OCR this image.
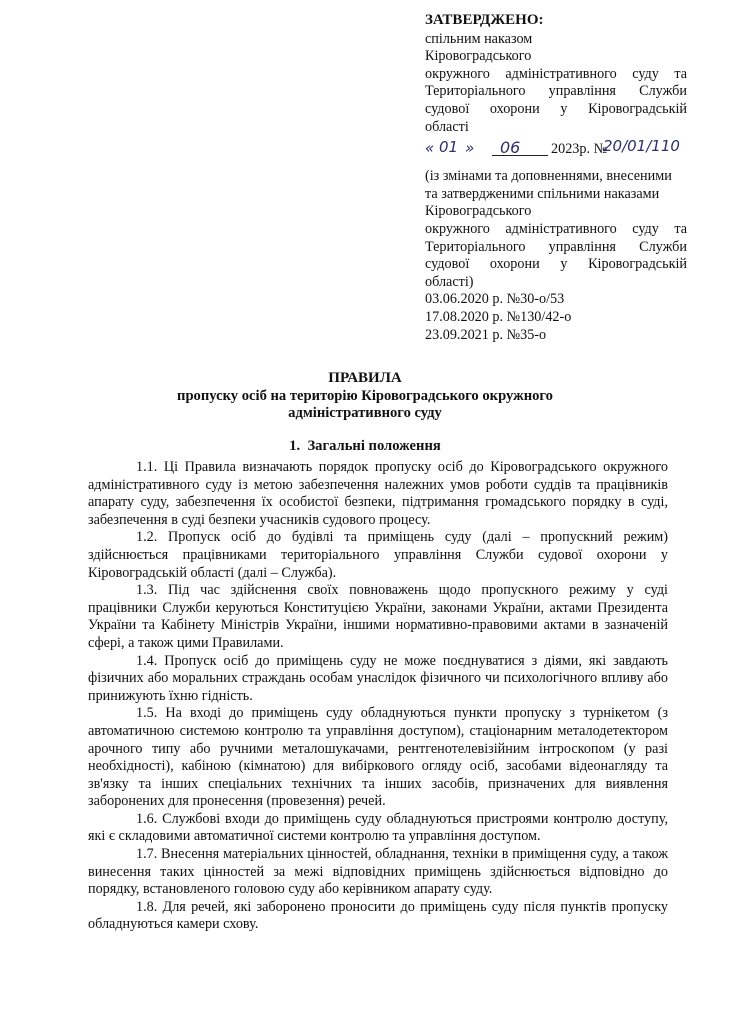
ЗАТВЕРДЖЕНО:
спільним наказом
Кіровоградського
окружного адміністративного суду та
Територіального управління Служби
судової охорони у Кіровоградській
області
« 01 » 06 2023р. №
20/01/110
(із змінами та доповненнями, внесеними
та затвердженими спільними наказами
Кіровоградського
окружного адміністративного суду та
Територіального управління Служби
судової охорони у Кіровоградській
області)
03.06.2020 р. №30-о/53
17.08.2020 р. №130/42-о
23.09.2021 р. №35-о
ПРАВИЛА
пропуску осіб на територію Кіровоградського окружного
адміністративного суду
1. Загальні положення

1.1. Ці Правила визначають порядок пропуску осіб до Кіровоградського окружного адміністративного суду із метою забезпечення належних умов роботи суддів та працівників апарату суду, забезпечення їх особистої безпеки, підтримання громадського порядку в суді, забезпечення в суді безпеки учасників судового процесу.

1.2. Пропуск осіб до будівлі та приміщень суду (далі – пропускний режим) здійснюється працівниками територіального управління Служби судової охорони у Кіровоградській області (далі – Служба).

1.3. Під час здійснення своїх повноважень щодо пропускного режиму у суді працівники Служби керуються Конституцією України, законами України, актами Президента України та Кабінету Міністрів України, іншими нормативно-правовими актами в зазначеній сфері, а також цими Правилами.

1.4. Пропуск осіб до приміщень суду не може поєднуватися з діями, які завдають фізичних або моральних страждань особам унаслідок фізичного чи психологічного впливу або принижують їхню гідність.

1.5. На вході до приміщень суду обладнуються пункти пропуску з турнікетом (з автоматичною системою контролю та управління доступом), стаціонарним металодетектором арочного типу або ручними металошукачами, рентгенотелевізійним інтроскопом (у разі необхідності), кабіною (кімнатою) для вибіркового огляду осіб, засобами відеонагляду та зв'язку та інших спеціальних технічних та інших засобів, призначених для виявлення заборонених для пронесення (провезення) речей.

1.6. Службові входи до приміщень суду обладнуються пристроями контролю доступу, які є складовими автоматичної системи контролю та управління доступом.

1.7. Внесення матеріальних цінностей, обладнання, техніки в приміщення суду, а також винесення таких цінностей за межі відповідних приміщень здійснюється відповідно до порядку, встановленого головою суду або керівником апарату суду.

1.8. Для речей, які заборонено проносити до приміщень суду після пунктів пропуску обладнуються камери схову.
